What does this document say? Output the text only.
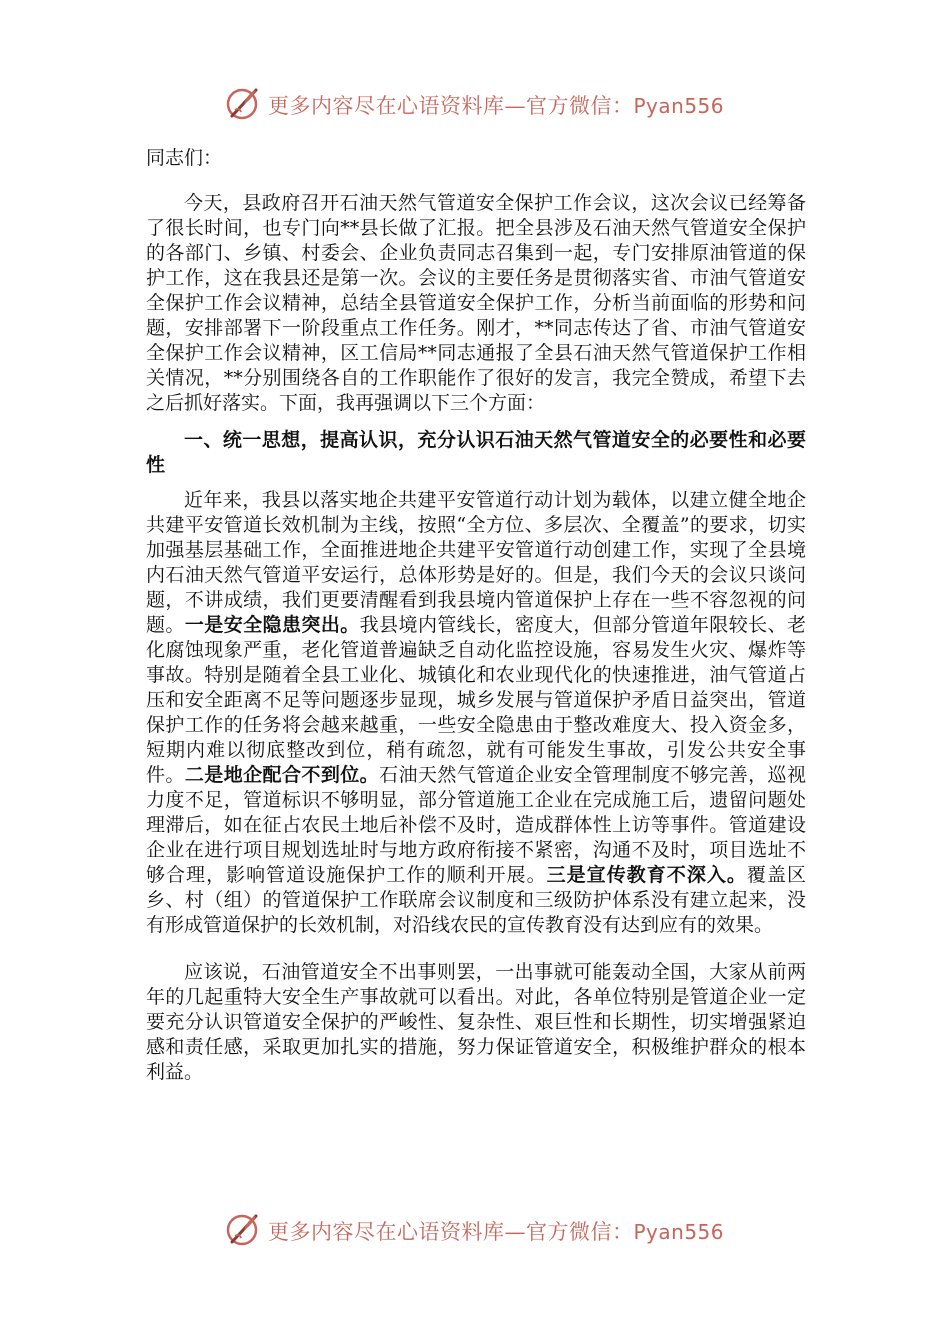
更多内容尽在心语资料库—官方微信：Pyan556
同志们：

今天，县政府召开石油天然气管道安全保护工作会议，这次会议已经筹备了很长时间，也专门向**县长做了汇报。把全县涉及石油天然气管道安全保护的各部门、乡镇、村委会、企业负责同志召集到一起，专门安排原油管道的保护工作，这在我县还是第一次。会议的主要任务是贯彻落实省、市油气管道安全保护工作会议精神，总结全县管道安全保护工作，分析当前面临的形势和问题，安排部署下一阶段重点工作任务。刚才，**同志传达了省、市油气管道安全保护工作会议精神，区工信局**同志通报了全县石油天然气管道保护工作相关情况，**分别围绕各自的工作职能作了很好的发言，我完全赞成，希望下去之后抓好落实。下面，我再强调以下三个方面：

一、统一思想，提高认识，充分认识石油天然气管道安全的必要性和必要性

近年来，我县以落实地企共建平安管道行动计划为载体，以建立健全地企共建平安管道长效机制为主线，按照“全方位、多层次、全覆盖”的要求，切实加强基层基础工作，全面推进地企共建平安管道行动创建工作，实现了全县境内石油天然气管道平安运行，总体形势是好的。但是，我们今天的会议只谈问题，不讲成绩，我们更要清醒看到我县境内管道保护上存在一些不容忽视的问题。一是安全隐患突出。我县境内管线长，密度大，但部分管道年限较长、老化腐蚀现象严重，老化管道普遍缺乏自动化监控设施，容易发生火灾、爆炸等事故。特别是随着全县工业化、城镇化和农业现代化的快速推进，油气管道占压和安全距离不足等问题逐步显现，城乡发展与管道保护矛盾日益突出，管道保护工作的任务将会越来越重，一些安全隐患由于整改难度大、投入资金多，短期内难以彻底整改到位，稍有疏忽，就有可能发生事故，引发公共安全事件。二是地企配合不到位。石油天然气管道企业安全管理制度不够完善，巡视力度不足，管道标识不够明显，部分管道施工企业在完成施工后，遗留问题处理滞后，如在征占农民土地后补偿不及时，造成群体性上访等事件。管道建设企业在进行项目规划选址时与地方政府衔接不紧密，沟通不及时，项目选址不够合理，影响管道设施保护工作的顺利开展。三是宣传教育不深入。覆盖区乡、村（组）的管道保护工作联席会议制度和三级防护体系没有建立起来，没有形成管道保护的长效机制，对沿线农民的宣传教育没有达到应有的效果。

应该说，石油管道安全不出事则罢，一出事就可能轰动全国，大家从前两年的几起重特大安全生产事故就可以看出。对此，各单位特别是管道企业一定要充分认识管道安全保护的严峻性、复杂性、艰巨性和长期性，切实增强紧迫感和责任感，采取更加扎实的措施，努力保证管道安全，积极维护群众的根本利益。

更多内容尽在心语资料库—官方微信：Pyan556
